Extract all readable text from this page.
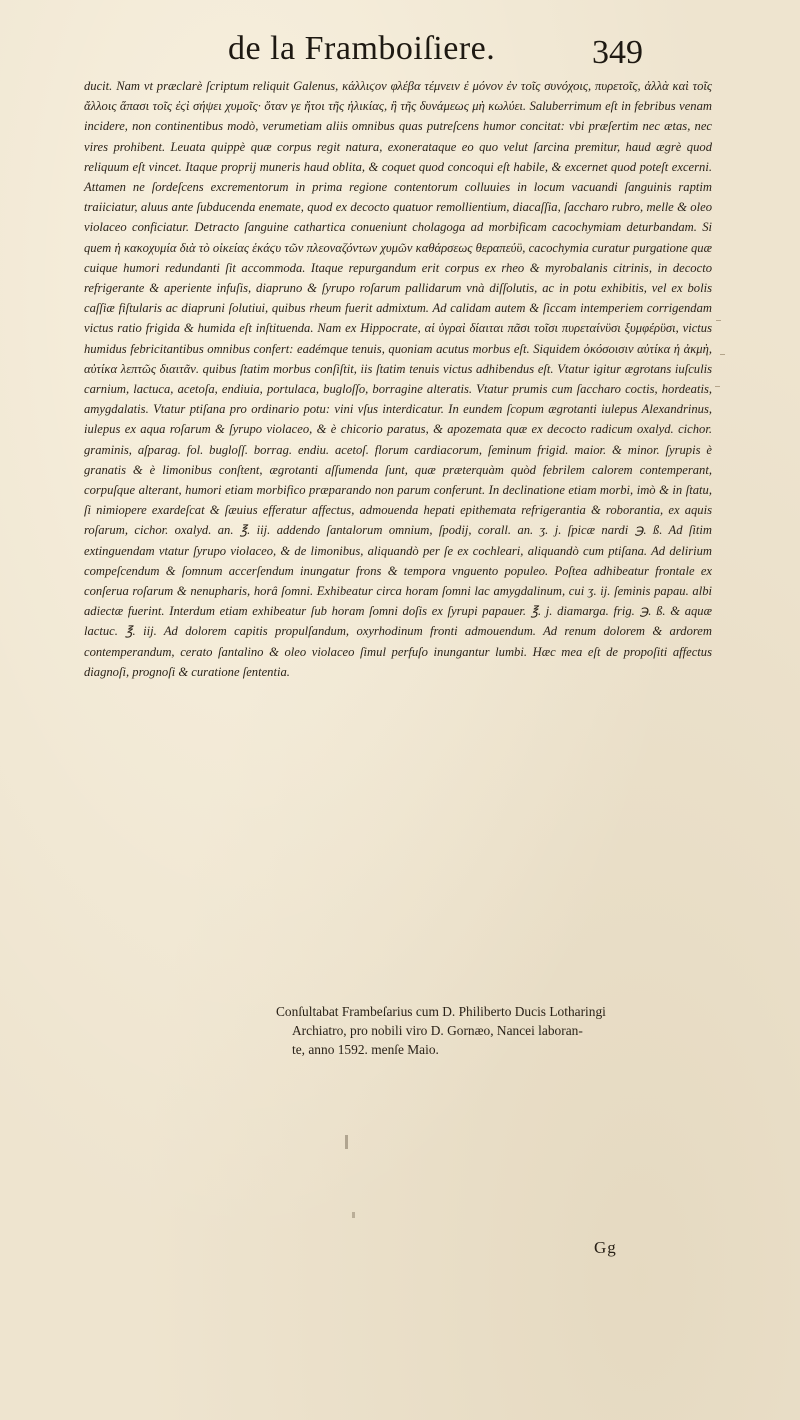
de la Framboiſiere.	349

ducit. Nam vt præclarè ſcriptum reliquit Galenus, κάλλιϛον φλέβα τέμνειν ἐ μόνον ἐν τοῖς συνόχοις, πυρετοῖς, ἀλλὰ καὶ τοῖς ἄλλοις ἅπασι τοῖς ἐϛὶ σήψει χυμοῖς· ὅταν γε ἤτοι τῆς ἡλικίας, ἢ τῆς δυνάμεως μὴ κωλύει. Saluberrimum eſt in febribus venam incidere, non continentibus modò, verumetiam aliis omnibus quas putreſcens humor concitat: vbi præſertim nec ætas, nec vires prohibent. Leuata quippè quæ corpus regit natura, exonerataque eo quo velut ſarcina premitur, haud ægrè quod reliquum eſt vincet. Itaque proprij muneris haud oblita, & coquet quod concoqui eſt habile, & excernet quod poteſt excerni. Attamen ne ſordeſcens excrementorum in prima regione contentorum colluuies in locum vacuandi ſanguinis raptim traiiciatur, aluus ante ſubducenda enemate, quod ex decocto quatuor remollientium, diacaſſia, ſaccharo rubro, melle & oleo violaceo conficiatur. Detracto ſanguine cathartica conueniunt cholagoga ad morbificam cacochymiam deturbandam. Si quem ἡ κακοχυμία διὰ τὸ οἰκείας ἑκάϛυ τῶν πλεοναζόντων χυμῶν καθάρσεως θεραπεύϋ, cacochymia curatur purgatione quæ cuique humori redundanti ſit accommoda. Itaque repurgandum erit corpus ex rheo & myrobalanis citrinis, in decocto refrigerante & aperiente infuſis, diapruno & ſyrupo roſarum pallidarum vnà diſſolutis, ac in potu exhibitis, vel ex bolis caſſiæ fiſtularis ac diapruni ſolutiui, quibus rheum fuerit admixtum. Ad calidam autem & ſiccam intemperiem corrigendam victus ratio frigida & humida eſt inſtituenda. Nam ex Hippocrate, αἱ ὑγραὶ δίαιται πᾶσι τοῖσι πυρεταίνϋσι ξυμφέρϋσι, victus humidus febricitantibus omnibus confert: eadémque tenuis, quoniam acutus morbus eſt. Siquidem ὁκόσοισιν αὐτίκα ἡ ἀκμὴ, αὐτίκα λεπτῶς διαιτᾶν. quibus ſtatim morbus conſiſtit, iis ſtatim tenuis victus adhibendus eſt. Vtatur igitur ægrotans iuſculis carnium, lactuca, acetoſa, endiuia, portulaca, bugloſſo, borragine alteratis. Vtatur prumis cum ſaccharo coctis, hordeatis, amygdalatis. Vtatur ptiſana pro ordinario potu: vini vſus interdicatur. In eundem ſcopum ægrotanti iulepus Alexandrinus, iulepus ex aqua roſarum & ſyrupo violaceo, & è chicorio paratus, & apozemata quæ ex decocto radicum oxalyd. cichor. graminis, aſparag. fol. bugloſſ. borrag. endiu. acetoſ. florum cardiacorum, ſeminum frigid. maior. & minor. ſyrupis è granatis & è limonibus conſtent, ægrotanti aſſumenda ſunt, quæ præterquàm quòd febrilem calorem contemperant, corpuſque alterant, humori etiam morbifico præparando non parum conferunt. In declinatione etiam morbi, imò & in ſtatu, ſi nimiopere exardeſcat & ſæuius efferatur affectus, admouenda hepati epithemata refrigerantia & roborantia, ex aquis roſarum, cichor. oxalyd. an. ℥. iij. addendo ſantalorum omnium, ſpodij, corall. an. ʒ. j. ſpicæ nardi ℈. ß. Ad ſitim extinguendam vtatur ſyrupo violaceo, & de limonibus, aliquandò per ſe ex cochleari, aliquandò cum ptiſana. Ad delirium compeſcendum & ſomnum accerſendum inungatur frons & tempora vnguento populeo. Poſtea adhibeatur frontale ex conſerua roſarum & nenupharis, horâ ſomni. Exhibeatur circa horam ſomni lac amygdalinum, cui ʒ. ij. ſeminis papau. albi adiectæ fuerint. Interdum etiam exhibeatur ſub horam ſomni doſis ex ſyrupi papauer. ℥. j. diamarga. frig. ℈. ß. & aquæ lactuc. ℥. iij. Ad dolorem capitis propulſandum, oxyrhodinum fronti admouendum. Ad renum dolorem & ardorem contemperandum, cerato ſantalino & oleo violaceo ſimul perfuſo inungantur lumbi. Hæc mea eſt de propoſiti affectus diagnoſi, prognoſi & curatione ſententia.

Conſultabat Frambeſarius cum D. Philiberto Ducis Lotharingi
Archiatro, pro nobili viro D. Gornæo, Nancei laboran-
te, anno 1592. menſe Maio.
Gg
